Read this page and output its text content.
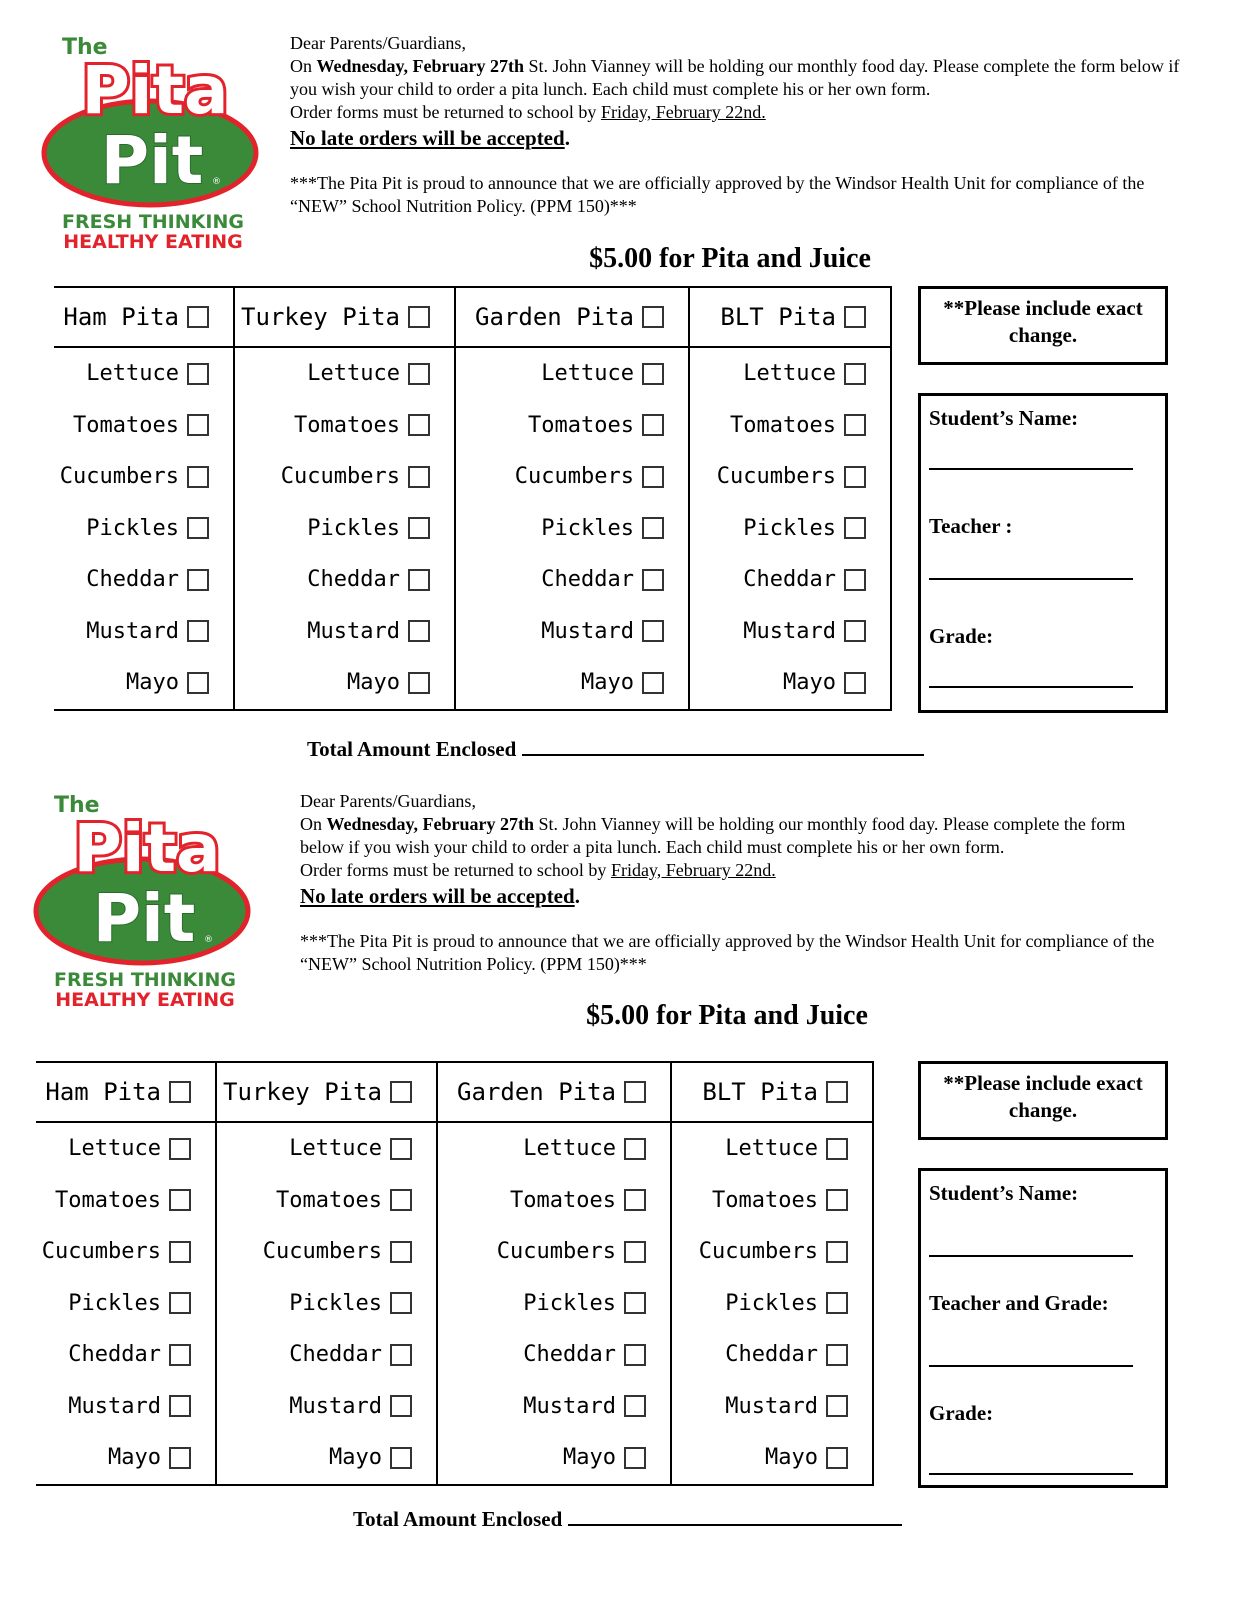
The
Pita
Pit ®
FRESH THINKING
HEALTHY EATING

Dear Parents/Guardians,

On Wednesday, February 27th St. John Vianney will be holding our monthly food day. Please complete the form below if you wish your child to order a pita lunch. Each child must complete his or her own form.

Order forms must be returned to school by Friday, February 22nd.

No late orders will be accepted.

***The Pita Pit is proud to announce that we are officially approved by the Windsor Health Unit for compliance of the “NEW” School Nutrition Policy. (PPM 150)***

$5.00 for Pita and Juice
Ham Pita
Lettuce
Tomatoes
Cucumbers
Pickles
Cheddar
Mustard
Mayo
Turkey Pita
Lettuce
Tomatoes
Cucumbers
Pickles
Cheddar
Mustard
Mayo
Garden Pita
Lettuce
Tomatoes
Cucumbers
Pickles
Cheddar
Mustard
Mayo
BLT Pita
Lettuce
Tomatoes
Cucumbers
Pickles
Cheddar
Mustard
Mayo
**Please include exact change.
Student’s Name:
Teacher :
Grade:
Total Amount Enclosed
The
Pita
Pit ®
FRESH THINKING
HEALTHY EATING

Dear Parents/Guardians,

On Wednesday, February 27th St. John Vianney will be holding our monthly food day. Please complete the form below if you wish your child to order a pita lunch. Each child must complete his or her own form.

Order forms must be returned to school by Friday, February 22nd.

No late orders will be accepted.

***The Pita Pit is proud to announce that we are officially approved by the Windsor Health Unit for compliance of the “NEW” School Nutrition Policy. (PPM 150)***

$5.00 for Pita and Juice
Ham Pita
Lettuce
Tomatoes
Cucumbers
Pickles
Cheddar
Mustard
Mayo
Turkey Pita
Lettuce
Tomatoes
Cucumbers
Pickles
Cheddar
Mustard
Mayo
Garden Pita
Lettuce
Tomatoes
Cucumbers
Pickles
Cheddar
Mustard
Mayo
BLT Pita
Lettuce
Tomatoes
Cucumbers
Pickles
Cheddar
Mustard
Mayo
**Please include exact change.
Student’s Name:
Teacher and Grade:
Grade:
Total Amount Enclosed
